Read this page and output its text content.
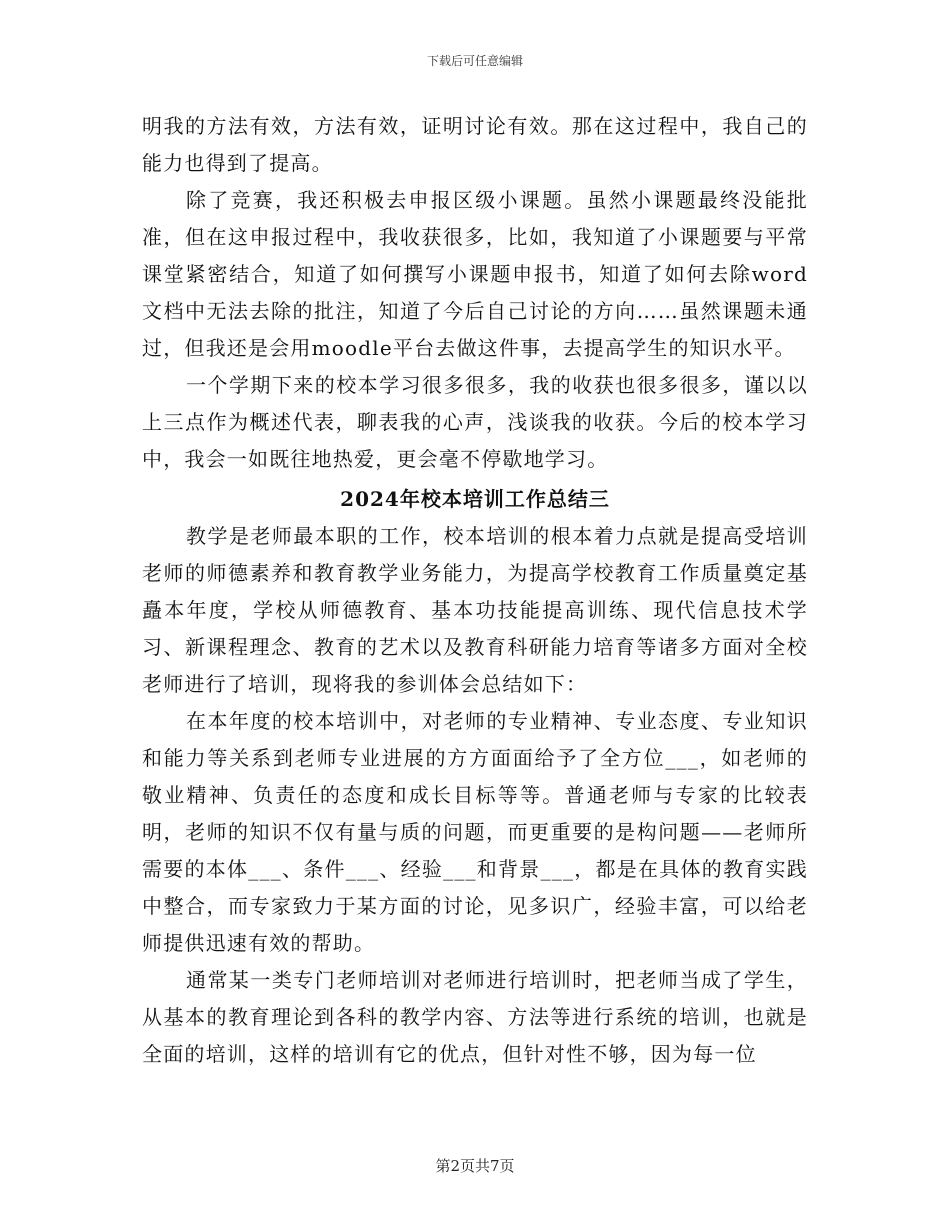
下载后可任意编辑

明我的方法有效，方法有效，证明讨论有效。那在这过程中，我自己的能力也得到了提高。

除了竞赛，我还积极去申报区级小课题。虽然小课题最终没能批准，但在这申报过程中，我收获很多，比如，我知道了小课题要与平常课堂紧密结合，知道了如何撰写小课题申报书，知道了如何去除word文档中无法去除的批注，知道了今后自己讨论的方向……虽然课题未通过，但我还是会用moodle平台去做这件事，去提高学生的知识水平。

一个学期下来的校本学习很多很多，我的收获也很多很多，谨以以上三点作为概述代表，聊表我的心声，浅谈我的收获。今后的校本学习中，我会一如既往地热爱，更会毫不停歇地学习。

2024年校本培训工作总结三

教学是老师最本职的工作，校本培训的根本着力点就是提高受培训老师的师德素养和教育教学业务能力，为提高学校教育工作质量奠定基矗本年度，学校从师德教育、基本功技能提高训练、现代信息技术学习、新课程理念、教育的艺术以及教育科研能力培育等诸多方面对全校老师进行了培训，现将我的参训体会总结如下：

在本年度的校本培训中，对老师的专业精神、专业态度、专业知识和能力等关系到老师专业进展的方方面面给予了全方位___，如老师的敬业精神、负责任的态度和成长目标等等。普通老师与专家的比较表明，老师的知识不仅有量与质的问题，而更重要的是构问题——老师所需要的本体___、条件___、经验___和背景___，都是在具体的教育实践中整合，而专家致力于某方面的讨论，见多识广，经验丰富，可以给老师提供迅速有效的帮助。

通常某一类专门老师培训对老师进行培训时，把老师当成了学生，从基本的教育理论到各科的教学内容、方法等进行系统的培训，也就是全面的培训，这样的培训有它的优点，但针对性不够，因为每一位

第2页共7页
